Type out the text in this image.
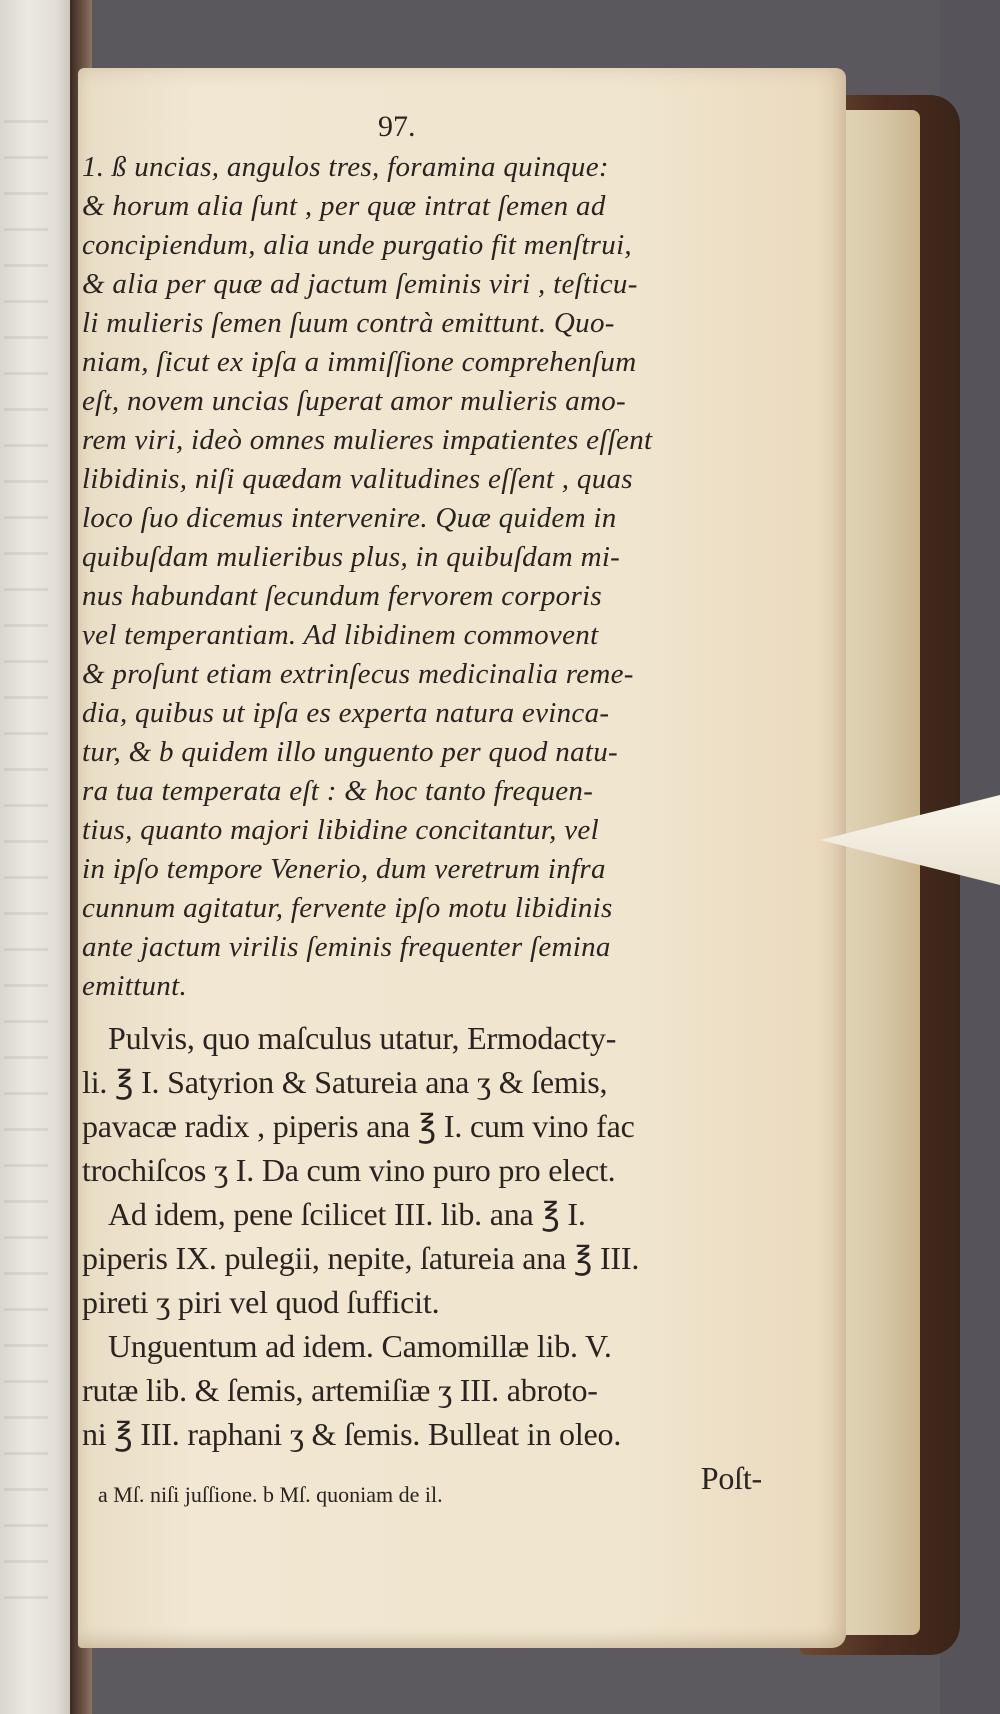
97.
1. ß uncias, angulos tres, foramina quinque:
& horum alia ſunt , per quæ intrat ſemen ad
concipiendum, alia unde purgatio fit menſtrui,
& alia per quæ ad jactum ſeminis viri , teſticu-
li mulieris ſemen ſuum contrà emittunt. Quo-
niam, ſicut ex ipſa a immiſſione comprehenſum
eſt, novem uncias ſuperat amor mulieris amo-
rem viri, ideò omnes mulieres impatientes eſſent
libidinis, niſi quædam valitudines eſſent , quas
loco ſuo dicemus intervenire. Quæ quidem in
quibuſdam mulieribus plus, in quibuſdam mi-
nus habundant ſecundum fervorem corporis
vel temperantiam. Ad libidinem commovent
& proſunt etiam extrinſecus medicinalia reme-
dia, quibus ut ipſa es experta natura evinca-
tur, & b quidem illo unguento per quod natu-
ra tua temperata eſt : & hoc tanto frequen-
tius, quanto majori libidine concitantur, vel
in ipſo tempore Venerio, dum veretrum infra
cunnum agitatur, fervente ipſo motu libidinis
ante jactum virilis ſeminis frequenter ſemina
emittunt.
Pulvis, quo maſculus utatur, Ermodacty-
li. ℥ I. Satyrion & Satureia ana ʒ & ſemis,
pavacæ radix , piperis ana ℥ I. cum vino fac
trochiſcos ʒ I. Da cum vino puro pro elect.
Ad idem, pene ſcilicet III. lib. ana ℥ I.
piperis IX. pulegii, nepite, ſatureia ana ℥ III.
pireti ʒ piri vel quod ſufficit.
Unguentum ad idem. Camomillæ lib. V.
rutæ lib. & ſemis, artemiſiæ ʒ III. abroto-
ni ℥ III. raphani ʒ & ſemis. Bulleat in oleo.
Poſt-
a Mſ. niſi juſſione. b Mſ. quoniam de il.
